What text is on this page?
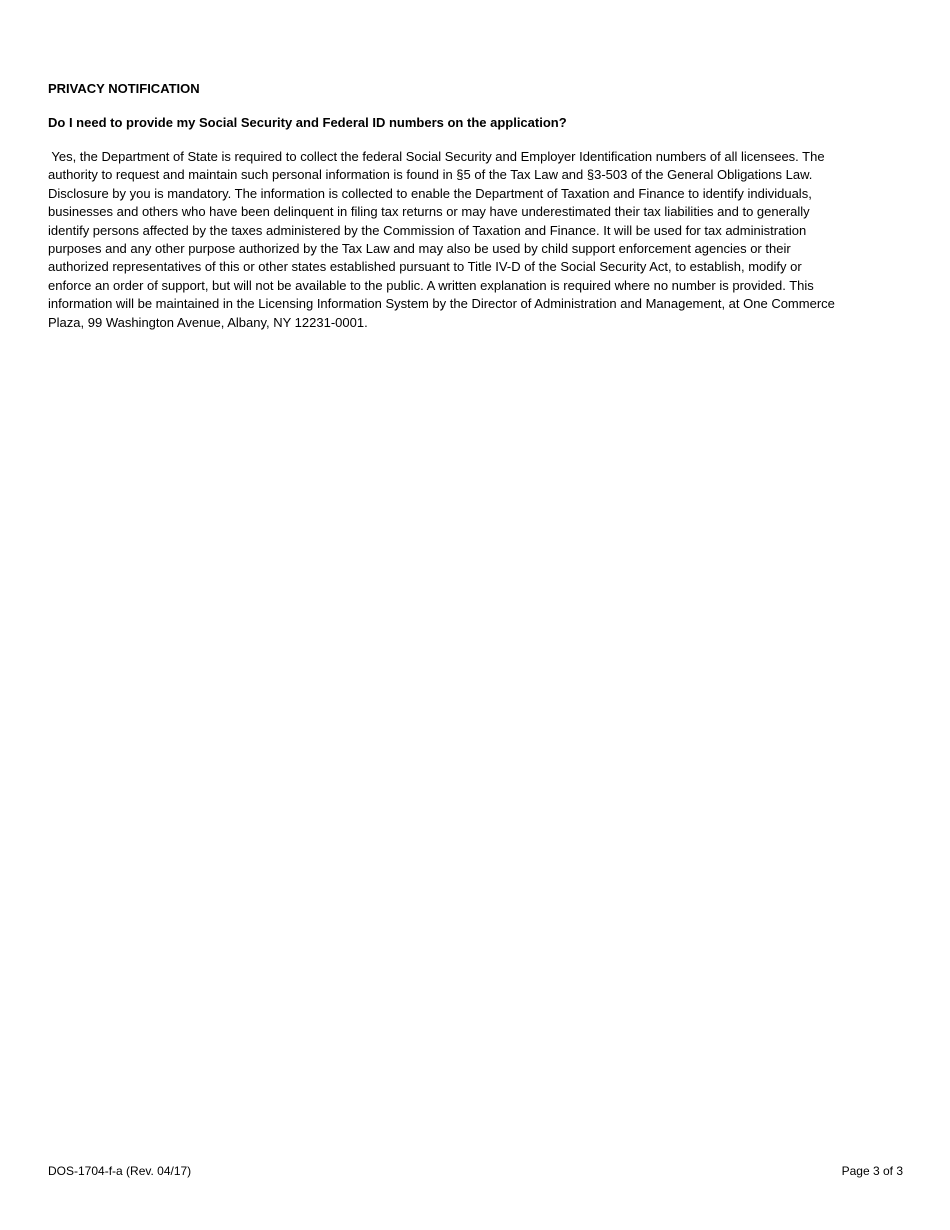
PRIVACY NOTIFICATION
Do I need to provide my Social Security and Federal ID numbers on the application?
Yes, the Department of State is required to collect the federal Social Security and Employer Identification numbers of all licensees. The
authority to request and maintain such personal information is found in §5 of the Tax Law and §3-503 of the General Obligations Law.
Disclosure by you is mandatory. The information is collected to enable the Department of Taxation and Finance to identify individuals,
businesses and others who have been delinquent in filing tax returns or may have underestimated their tax liabilities and to generally
identify persons affected by the taxes administered by the Commission of Taxation and Finance. It will be used for tax administration
purposes and any other purpose authorized by the Tax Law and may also be used by child support enforcement agencies or their
authorized representatives of this or other states established pursuant to Title IV-D of the Social Security Act, to establish, modify or
enforce an order of support, but will not be available to the public. A written explanation is required where no number is provided. This
information will be maintained in the Licensing Information System by the Director of Administration and Management, at One Commerce
Plaza, 99 Washington Avenue, Albany, NY 12231-0001.
DOS-1704-f-a (Rev. 04/17)	Page 3 of 3
